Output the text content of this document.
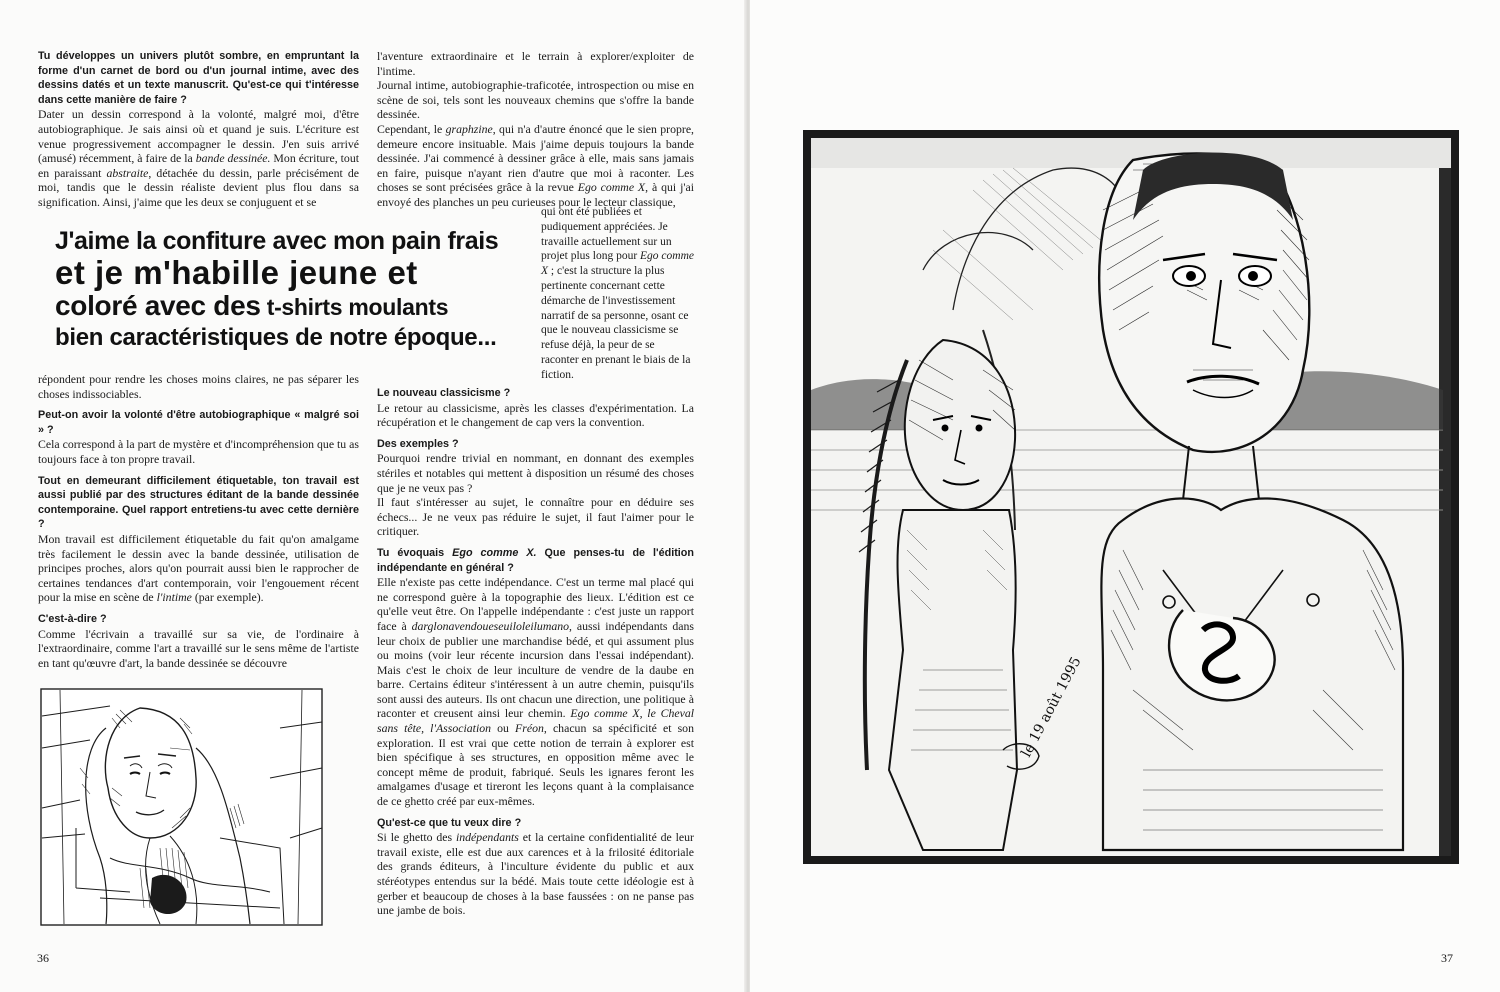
Tu développes un univers plutôt sombre, en empruntant la forme d'un carnet de bord ou d'un journal intime, avec des dessins datés et un texte manuscrit. Qu'est-ce qui t'intéresse dans cette manière de faire ?

Dater un dessin correspond à la volonté, malgré moi, d'être autobiographique. Je sais ainsi où et quand je suis. L'écriture est venue progressivement accompagner le dessin. J'en suis arrivé (amusé) récemment, à faire de la bande dessinée. Mon écriture, tout en paraissant abstraite, détachée du dessin, parle précisément de moi, tandis que le dessin réaliste devient plus flou dans sa signification. Ainsi, j'aime que les deux se conjuguent et se

J'aime la confiture avec mon pain frais
et je m'habille jeune et
coloré avec des t-shirts moulants
bien caractéristiques de notre époque...

répondent pour rendre les choses moins claires, ne pas séparer les choses indissociables.

Peut-on avoir la volonté d'être autobiographique « malgré soi » ?

Cela correspond à la part de mystère et d'incompréhension que tu as toujours face à ton propre travail.

Tout en demeurant difficilement étiquetable, ton travail est aussi publié par des structures éditant de la bande dessinée contemporaine. Quel rapport entretiens-tu avec cette dernière ?

Mon travail est difficilement étiquetable du fait qu'on amalgame très facilement le dessin avec la bande dessinée, utilisation de principes proches, alors qu'on pourrait aussi bien le rapprocher de certaines tendances d'art contemporain, voir l'engouement récent pour la mise en scène de l'intime (par exemple).

C'est-à-dire ?

Comme l'écrivain a travaillé sur sa vie, de l'ordinaire à l'extraordinaire, comme l'art a travaillé sur le sens même de l'artiste en tant qu'œuvre d'art, la bande dessinée se découvre

l'aventure extraordinaire et le terrain à explorer/exploiter de l'intime.

Journal intime, autobiographie-traficotée, introspection ou mise en scène de soi, tels sont les nouveaux chemins que s'offre la bande dessinée.

Cependant, le graphzine, qui n'a d'autre énoncé que le sien propre, demeure encore insituable. Mais j'aime depuis toujours la bande dessinée. J'ai commencé à dessiner grâce à elle, mais sans jamais en faire, puisque n'ayant rien d'autre que moi à raconter. Les choses se sont précisées grâce à la revue Ego comme X, à qui j'ai envoyé des planches un peu curieuses pour le lecteur classique,

qui ont été publiées et pudiquement appréciées. Je travaille actuellement sur un projet plus long pour Ego comme X ; c'est la structure la plus pertinente concernant cette démarche de l'investissement narratif de sa personne, osant ce que le nouveau classicisme se refuse déjà, la peur de se raconter en prenant le biais de la fiction.

Le nouveau classicisme ?

Le retour au classicisme, après les classes d'expérimentation. La récupération et le changement de cap vers la convention.

Des exemples ?

Pourquoi rendre trivial en nommant, en donnant des exemples stériles et notables qui mettent à disposition un résumé des choses que je ne veux pas ?

Il faut s'intéresser au sujet, le connaître pour en déduire ses échecs... Je ne veux pas réduire le sujet, il faut l'aimer pour le critiquer.

Tu évoquais Ego comme X. Que penses-tu de l'édition indépendante en général ?

Elle n'existe pas cette indépendance. C'est un terme mal placé qui ne correspond guère à la topographie des lieux. L'édition est ce qu'elle veut être. On l'appelle indépendante : c'est juste un rapport face à darglonavendoueseuiloleilumano, aussi indépendants dans leur choix de publier une marchandise bédé, et qui assument plus ou moins (voir leur récente incursion dans l'essai indépendant). Mais c'est le choix de leur inculture de vendre de la daube en barre. Certains éditeur s'intéressent à un autre chemin, puisqu'ils sont aussi des auteurs. Ils ont chacun une direction, une politique à raconter et creusent ainsi leur chemin. Ego comme X, le Cheval sans tête, l'Association ou Fréon, chacun sa spécificité et son exploration. Il est vrai que cette notion de terrain à explorer est bien spécifique à ses structures, en opposition même avec le concept même de produit, fabriqué. Seuls les ignares feront les amalgames d'usage et tireront les leçons quant à la complaisance de ce ghetto créé par eux-mêmes.

Qu'est-ce que tu veux dire ?

Si le ghetto des indépendants et la certaine confidentialité de leur travail existe, elle est due aux carences et à la frilosité éditoriale des grands éditeurs, à l'inculture évidente du public et aux stéréotypes entendus sur la bédé. Mais toute cette idéologie est à gerber et beaucoup de choses à la base faussées : on ne panse pas une jambe de bois.

36
le 19 août 1995
37
